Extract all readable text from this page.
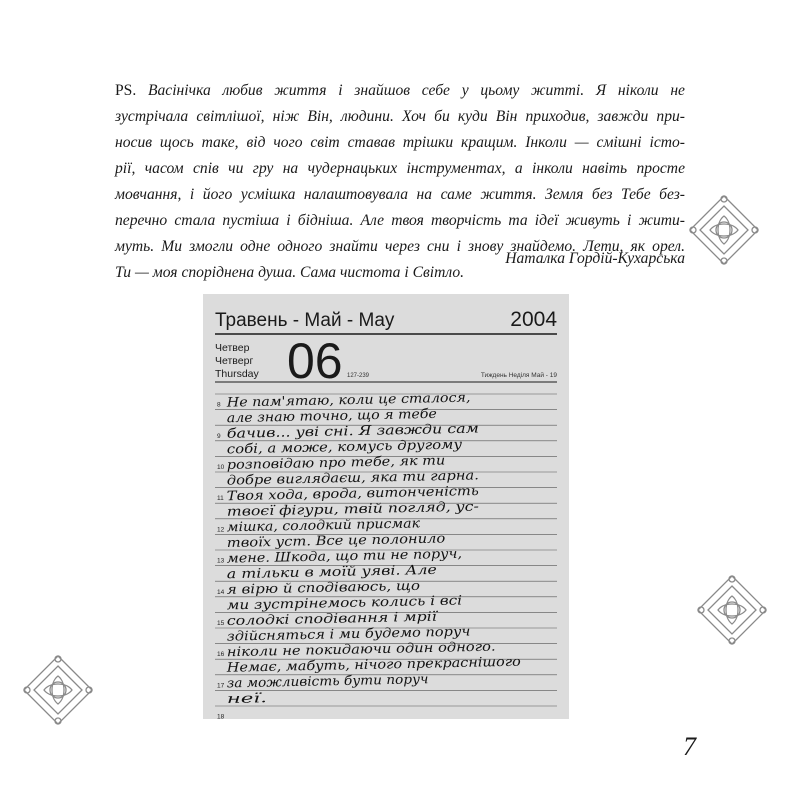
PS. Васінічка любив життя і знайшов себе у цьому житті. Я ніколи не
зустрічала світлішої, ніж Він, людини. Хоч би куди Він приходив, завжди при-
носив щось таке, від чого світ ставав трішки кращим. Інколи — смішні істо-
рії, часом спів чи гру на чудернацьких інструментах, а інколи навіть просте
мовчання, і його усмішка налаштовувала на саме життя. Земля без Тебе без-
перечно стала пустіша і бідніша. Але твоя творчість та ідеї живуть і жити-
муть. Ми змогли одне одного знайти через сни і знову знайдемо. Лети, як орел.
Ти — моя споріднена душа. Сама чистота і Світло.
Наталка Гордій-Кухарська
Травень - Май - May	2004
Четвер
Четверг
Thursday 06 127-239	Тиждень Неділя Май - 19
8
9
10
11
12
13
14
15
16
17
18
Не пам'ятаю, коли це сталося,
але знаю точно, що я тебе
бачив... уві сні. Я завжди сам
собі, а може, комусь другому
розповідаю про тебе, як ти
добре виглядаєш, яка ти гарна.
Твоя хода, врода, витонченість
твоєї фігури, твій погляд, ус-
мішка, солодкий присмак
твоїх уст. Все це полонило
мене. Шкода, що ти не поруч,
а тільки в моїй уяві. Але
я вірю й сподіваюсь, що
ми зустрінемось колись і всі
солодкі сподівання і мрії
здійсняться і ми будемо поруч
ніколи не покидаючи один одного.
Немає, мабуть, нічого прекраснішого
за можливість бути поруч
неї.
7
